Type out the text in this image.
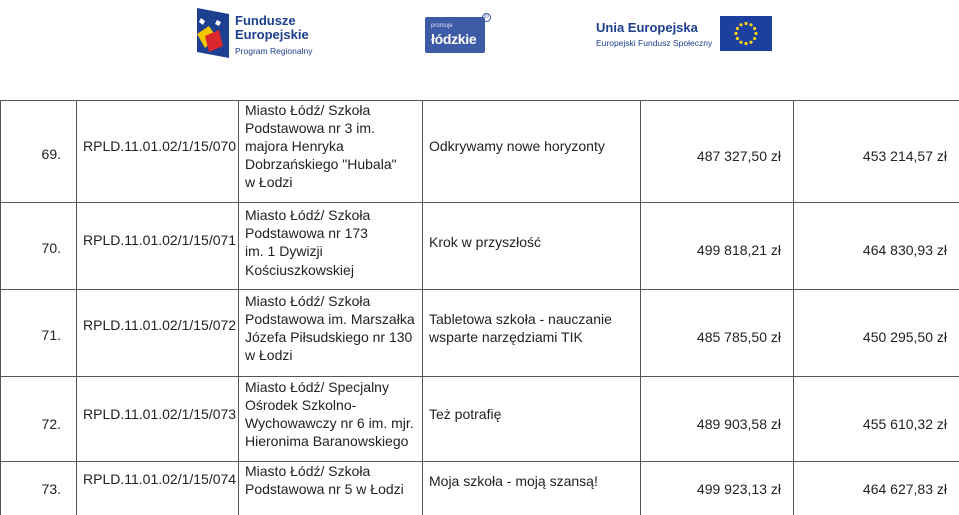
Fundusze
Europejskie
Program Regionalny
promuje
łódzkie
®
Unia Europejska
Europejski Fundusz Społeczny
69.	RPLD.11.01.02/1/15/070	Miasto Łódź/ Szkoła
Podstawowa nr 3 im.
majora Henryka
Dobrzańskiego "Hubala"
w Łodzi	Odkrywamy nowe horyzonty	487 327,50 zł	453 214,57 zł

70.	RPLD.11.01.02/1/15/071	Miasto Łódź/ Szkoła
Podstawowa nr 173
im. 1 Dywizji
Kościuszkowskiej	Krok w przyszłość	499 818,21 zł	464 830,93 zł

71.	RPLD.11.01.02/1/15/072	Miasto Łódź/ Szkoła
Podstawowa im. Marszałka
Józefa Piłsudskiego nr 130
w Łodzi	Tabletowa szkoła - nauczanie
wsparte narzędziami TIK	485 785,50 zł	450 295,50 zł

72.	RPLD.11.01.02/1/15/073	Miasto Łódź/ Specjalny
Ośrodek Szkolno-
Wychowawczy nr 6 im. mjr.
Hieronima Baranowskiego	Też potrafię	489 903,58 zł	455 610,32 zł

73.	RPLD.11.01.02/1/15/074	Miasto Łódź/ Szkoła
Podstawowa nr 5 w Łodzi	Moja szkoła - moją szansą!	499 923,13 zł	464 627,83 zł
